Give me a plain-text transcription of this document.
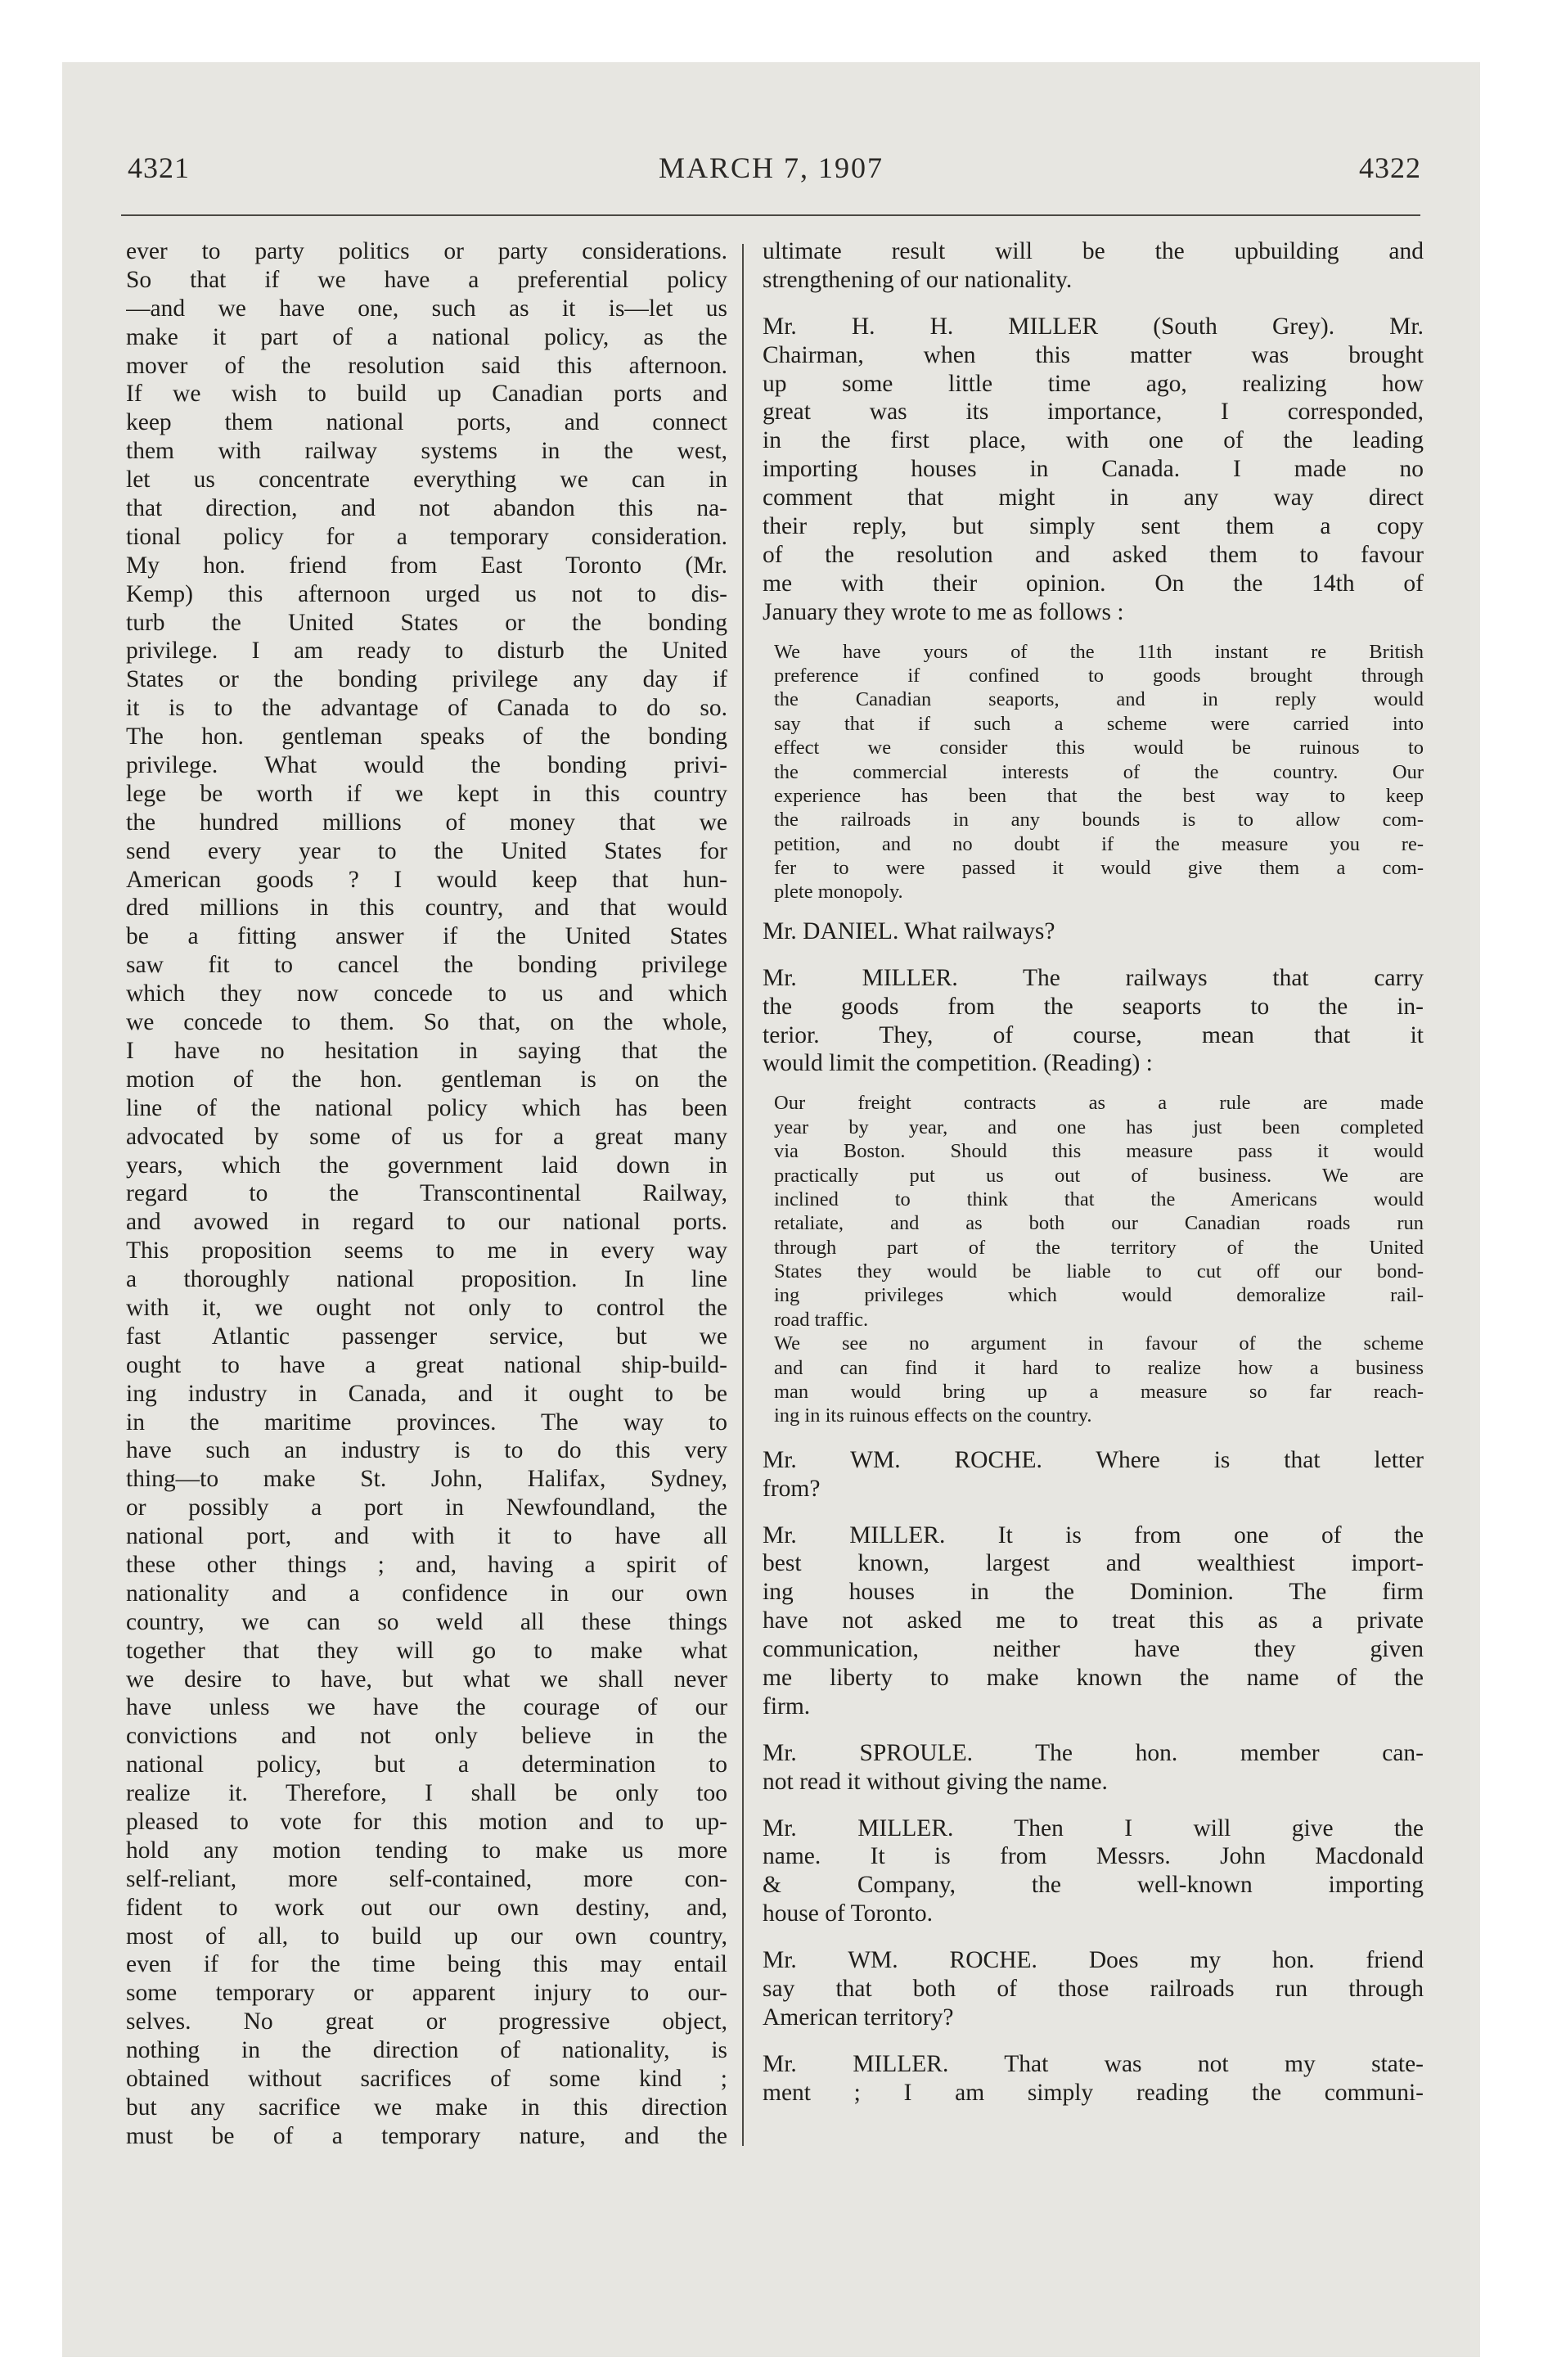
4321	MARCH 7, 1907	4322
ever to party politics or party considerations.
So that if we have a preferential policy
—and we have one, such as it is—let us
make it part of a national policy, as the
mover of the resolution said this afternoon.
If we wish to build up Canadian ports and
keep them national ports, and connect
them with railway systems in the west,
let us concentrate everything we can in
that direction, and not abandon this na-
tional policy for a temporary consideration.
My hon. friend from East Toronto (Mr.
Kemp) this afternoon urged us not to dis-
turb the United States or the bonding
privilege. I am ready to disturb the United
States or the bonding privilege any day if
it is to the advantage of Canada to do so.
The hon. gentleman speaks of the bonding
privilege. What would the bonding privi-
lege be worth if we kept in this country
the hundred millions of money that we
send every year to the United States for
American goods ? I would keep that hun-
dred millions in this country, and that would
be a fitting answer if the United States
saw fit to cancel the bonding privilege
which they now concede to us and which
we concede to them. So that, on the whole,
I have no hesitation in saying that the
motion of the hon. gentleman is on the
line of the national policy which has been
advocated by some of us for a great many
years, which the government laid down in
regard to the Transcontinental Railway,
and avowed in regard to our national ports.
This proposition seems to me in every way
a thoroughly national proposition. In line
with it, we ought not only to control the
fast Atlantic passenger service, but we
ought to have a great national ship-build-
ing industry in Canada, and it ought to be
in the maritime provinces. The way to
have such an industry is to do this very
thing—to make St. John, Halifax, Sydney,
or possibly a port in Newfoundland, the
national port, and with it to have all
these other things ; and, having a spirit of
nationality and a confidence in our own
country, we can so weld all these things
together that they will go to make what
we desire to have, but what we shall never
have unless we have the courage of our
convictions and not only believe in the
national policy, but a determination to
realize it. Therefore, I shall be only too
pleased to vote for this motion and to up-
hold any motion tending to make us more
self-reliant, more self-contained, more con-
fident to work out our own destiny, and,
most of all, to build up our own country,
even if for the time being this may entail
some temporary or apparent injury to our-
selves. No great or progressive object,
nothing in the direction of nationality, is
obtained without sacrifices of some kind ;
but any sacrifice we make in this direction
must be of a temporary nature, and the
ultimate result will be the upbuilding and
strengthening of our nationality.
Mr. H. H. MILLER (South Grey). Mr.
Chairman, when this matter was brought
up some little time ago, realizing how
great was its importance, I corresponded,
in the first place, with one of the leading
importing houses in Canada. I made no
comment that might in any way direct
their reply, but simply sent them a copy
of the resolution and asked them to favour
me with their opinion. On the 14th of
January they wrote to me as follows :
We have yours of the 11th instant re British
preference if confined to goods brought through
the Canadian seaports, and in reply would
say that if such a scheme were carried into
effect we consider this would be ruinous to
the commercial interests of the country. Our
experience has been that the best way to keep
the railroads in any bounds is to allow com-
petition, and no doubt if the measure you re-
fer to were passed it would give them a com-
plete monopoly.
Mr. DANIEL. What railways?
Mr. MILLER. The railways that carry
the goods from the seaports to the in-
terior. They, of course, mean that it
would limit the competition. (Reading) :
Our freight contracts as a rule are made
year by year, and one has just been completed
via Boston. Should this measure pass it would
practically put us out of business. We are
inclined to think that the Americans would
retaliate, and as both our Canadian roads run
through part of the territory of the United
States they would be liable to cut off our bond-
ing privileges which would demoralize rail-
road traffic.
We see no argument in favour of the scheme
and can find it hard to realize how a business
man would bring up a measure so far reach-
ing in its ruinous effects on the country.
Mr. WM. ROCHE. Where is that letter
from?
Mr. MILLER. It is from one of the
best known, largest and wealthiest import-
ing houses in the Dominion. The firm
have not asked me to treat this as a private
communication, neither have they given
me liberty to make known the name of the
firm.
Mr. SPROULE. The hon. member can-
not read it without giving the name.
Mr. MILLER. Then I will give the
name. It is from Messrs. John Macdonald
& Company, the well-known importing
house of Toronto.
Mr. WM. ROCHE. Does my hon. friend
say that both of those railroads run through
American territory?
Mr. MILLER. That was not my state-
ment ; I am simply reading the communi-
